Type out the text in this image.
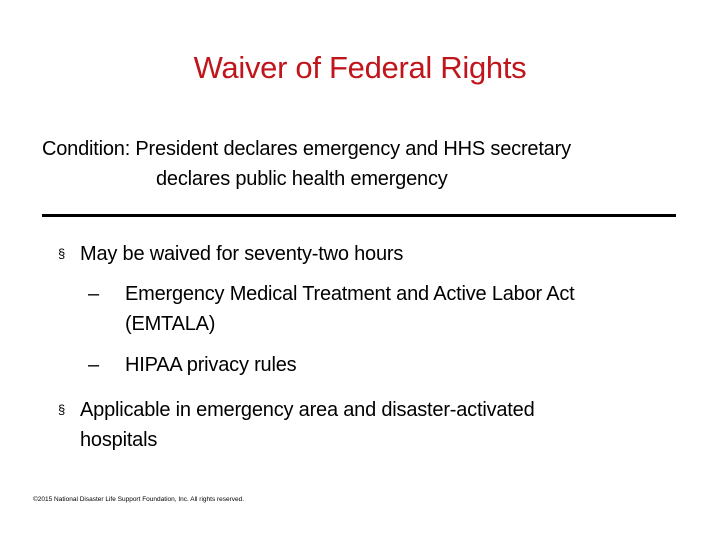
Waiver of Federal Rights
Condition: President declares emergency and HHS secretary
declares public health emergency
§ May be waived for seventy-two hours
– Emergency Medical Treatment and Active Labor Act
(EMTALA)
– HIPAA privacy rules
§ Applicable in emergency area and disaster-activated
hospitals
©2015 National Disaster Life Support Foundation, Inc. All rights reserved.
